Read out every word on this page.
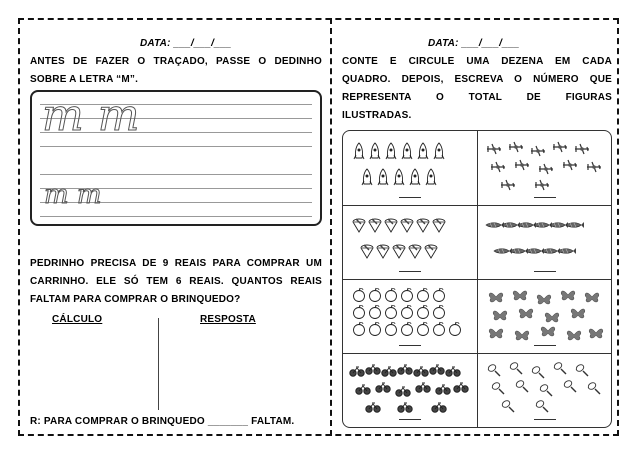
DATA: ___/___/___
ANTES DE FAZER O TRAÇADO, PASSE O DEDINHO
SOBRE A LETRA “M”.
m m
m m
PEDRINHO PRECISA DE 9 REAIS PARA COMPRAR UM
CARRINHO. ELE SÓ TEM 6 REAIS. QUANTOS REAIS
FALTAM PARA COMPRAR O BRINQUEDO?
CÁLCULO	RESPOSTA
R: PARA COMPRAR O BRINQUEDO _______ FALTAM.
DATA: ___/___/___
CONTE E CIRCULE UMA DEZENA EM CADA
QUADRO. DEPOIS, ESCREVA O NÚMERO QUE
REPRESENTA O TOTAL DE FIGURAS
ILUSTRADAS.
